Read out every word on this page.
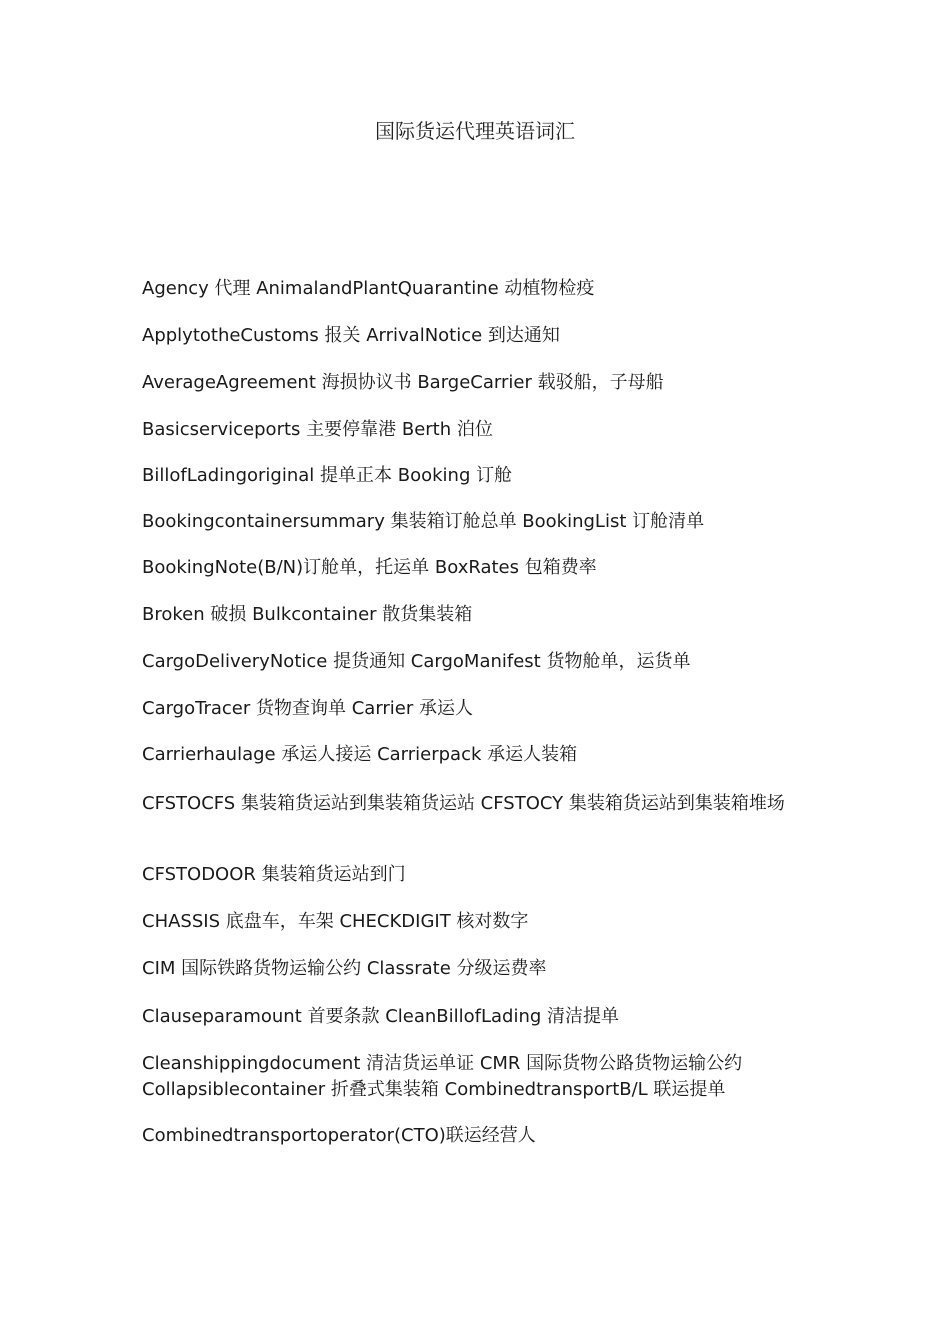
国际货运代理英语词汇
Agency 代理 AnimalandPlantQuarantine 动植物检疫
ApplytotheCustoms 报关 ArrivalNotice 到达通知
AverageAgreement 海损协议书 BargeCarrier 载驳船，子母船
Basicserviceports 主要停靠港 Berth 泊位
BillofLadingoriginal 提单正本 Booking 订舱
Bookingcontainersummary 集装箱订舱总单 BookingList 订舱清单
BookingNote(B/N)订舱单，托运单 BoxRates 包箱费率
Broken 破损 Bulkcontainer 散货集装箱
CargoDeliveryNotice 提货通知 CargoManifest 货物舱单，运货单
CargoTracer 货物查询单 Carrier 承运人
Carrierhaulage 承运人接运 Carrierpack 承运人装箱
CFSTOCFS 集装箱货运站到集装箱货运站 CFSTOCY 集装箱货运站到集装箱堆场
CFSTODOOR 集装箱货运站到门
CHASSIS 底盘车，车架 CHECKDIGIT 核对数字
CIM 国际铁路货物运输公约 Classrate 分级运费率
Clauseparamount 首要条款 CleanBillofLading 清洁提单
Cleanshippingdocument 清洁货运单证 CMR 国际货物公路货物运输公约
Collapsiblecontainer 折叠式集装箱 CombinedtransportB/L 联运提单
Combinedtransportoperator(CTO)联运经营人
